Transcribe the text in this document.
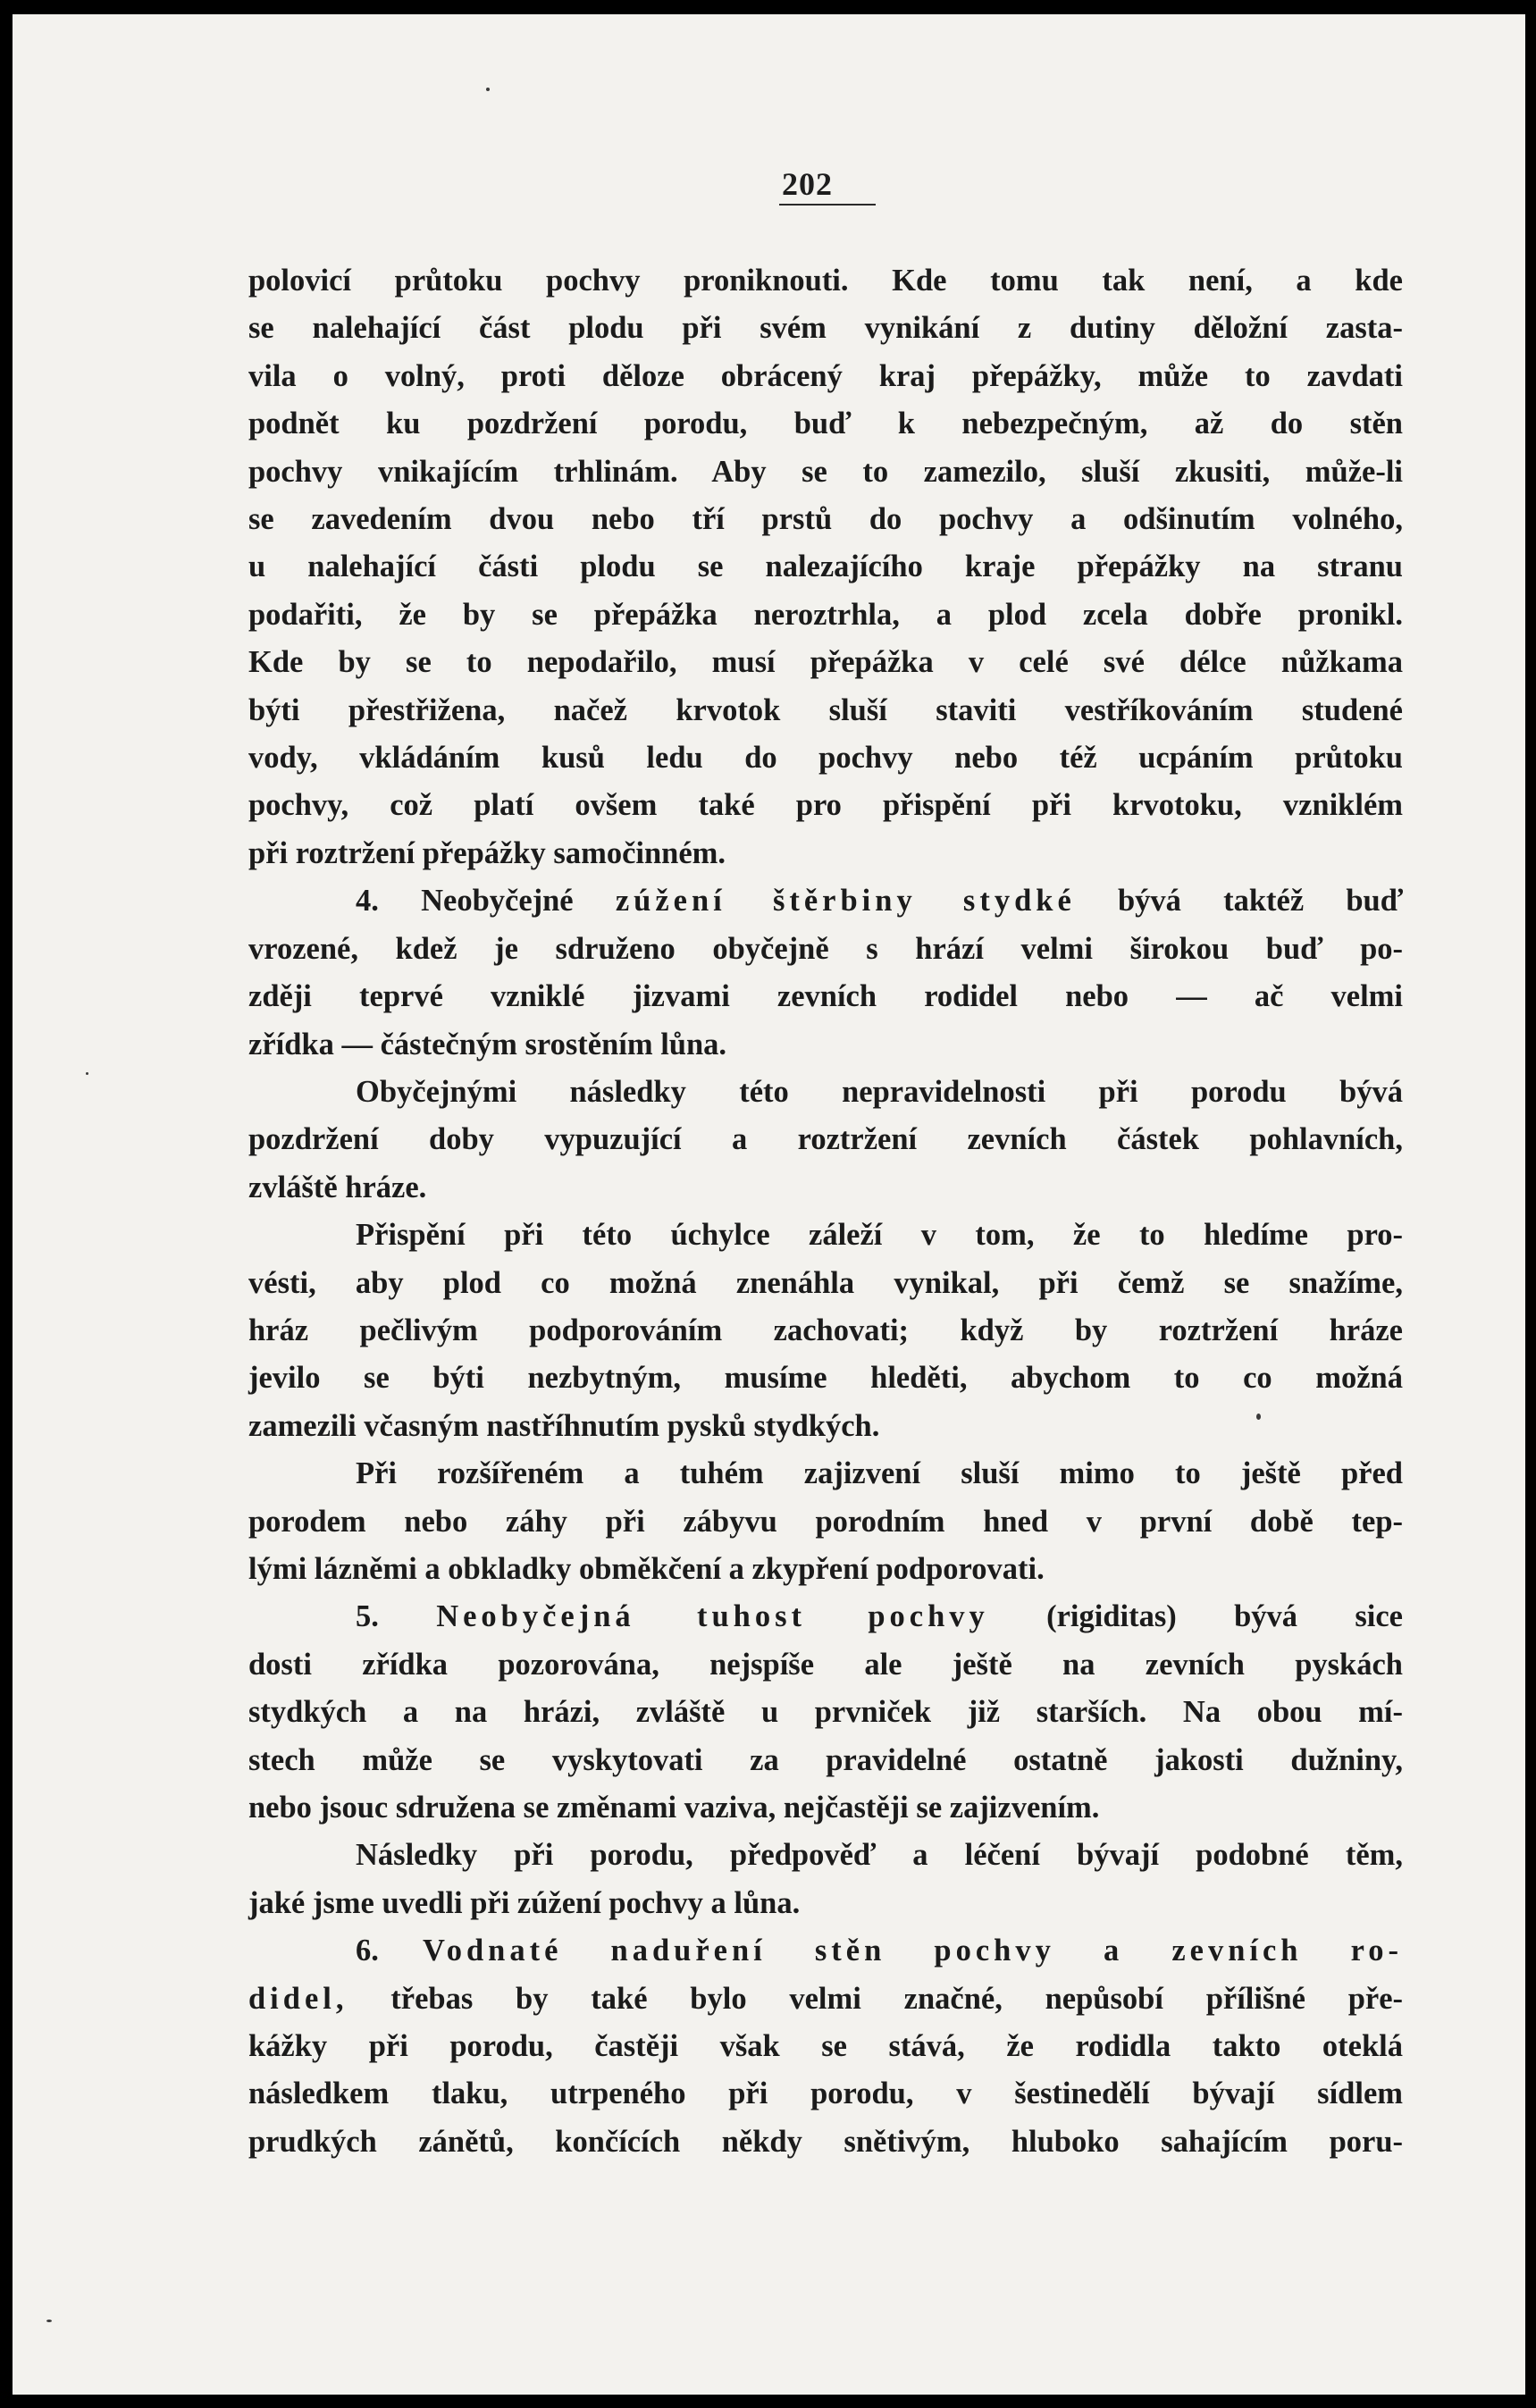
202

polovicí průtoku pochvy proniknouti. Kde tomu tak není, a kde
se nalehající část plodu při svém vynikání z dutiny děložní zasta-
vila o volný, proti děloze obrácený kraj přepážky, může to zavdati
podnět ku pozdržení porodu, buď k nebezpečným, až do stěn
pochvy vnikajícím trhlinám. Aby se to zamezilo, sluší zkusiti, může-li
se zavedením dvou nebo tří prstů do pochvy a odšinutím volného,
u nalehající části plodu se nalezajícího kraje přepážky na stranu
podařiti, že by se přepážka neroztrhla, a plod zcela dobře pronikl.
Kde by se to nepodařilo, musí přepážka v celé své délce nůžkama
býti přestřižena, načež krvotok sluší staviti vestříkováním studené
vody, vkládáním kusů ledu do pochvy nebo též ucpáním průtoku
pochvy, což platí ovšem také pro přispění při krvotoku, vzniklém
při roztržení přepážky samočinném.

4. Neobyčejné zúžení štěrbiny stydké bývá taktéž buď
vrozené, kdež je sdruženo obyčejně s hrází velmi širokou buď po-
zději teprvé vzniklé jizvami zevních rodidel nebo — ač velmi
zřídka — částečným srostěním lůna.

Obyčejnými následky této nepravidelnosti při porodu bývá
pozdržení doby vypuzující a roztržení zevních částek pohlavních,
zvláště hráze.

Přispění při této úchylce záleží v tom, že to hledíme pro-
vésti, aby plod co možná znenáhla vynikal, při čemž se snažíme,
hráz pečlivým podporováním zachovati; když by roztržení hráze
jevilo se býti nezbytným, musíme hleděti, abychom to co možná
zamezili včasným nastříhnutím pysků stydkých.

Při rozšířeném a tuhém zajizvení sluší mimo to ještě před
porodem nebo záhy při zábyvu porodním hned v první době tep-
lými lázněmi a obkladky obměkčení a zkypření podporovati.

5. Neobyčejná tuhost pochvy (rigiditas) bývá sice
dosti zřídka pozorována, nejspíše ale ještě na zevních pyskách
stydkých a na hrázi, zvláště u prvniček již starších. Na obou mí-
stech může se vyskytovati za pravidelné ostatně jakosti dužniny,
nebo jsouc sdružena se změnami vaziva, nejčastěji se zajizvením.

Následky při porodu, předpověď a léčení bývají podobné těm,
jaké jsme uvedli při zúžení pochvy a lůna.

6. Vodnaté naduření stěn pochvy a zevních ro-
didel, třebas by také bylo velmi značné, nepůsobí přílišné pře-
kážky při porodu, častěji však se stává, že rodidla takto oteklá
následkem tlaku, utrpeného při porodu, v šestinedělí bývají sídlem
prudkých zánětů, končících někdy snětivým, hluboko sahajícím poru-
